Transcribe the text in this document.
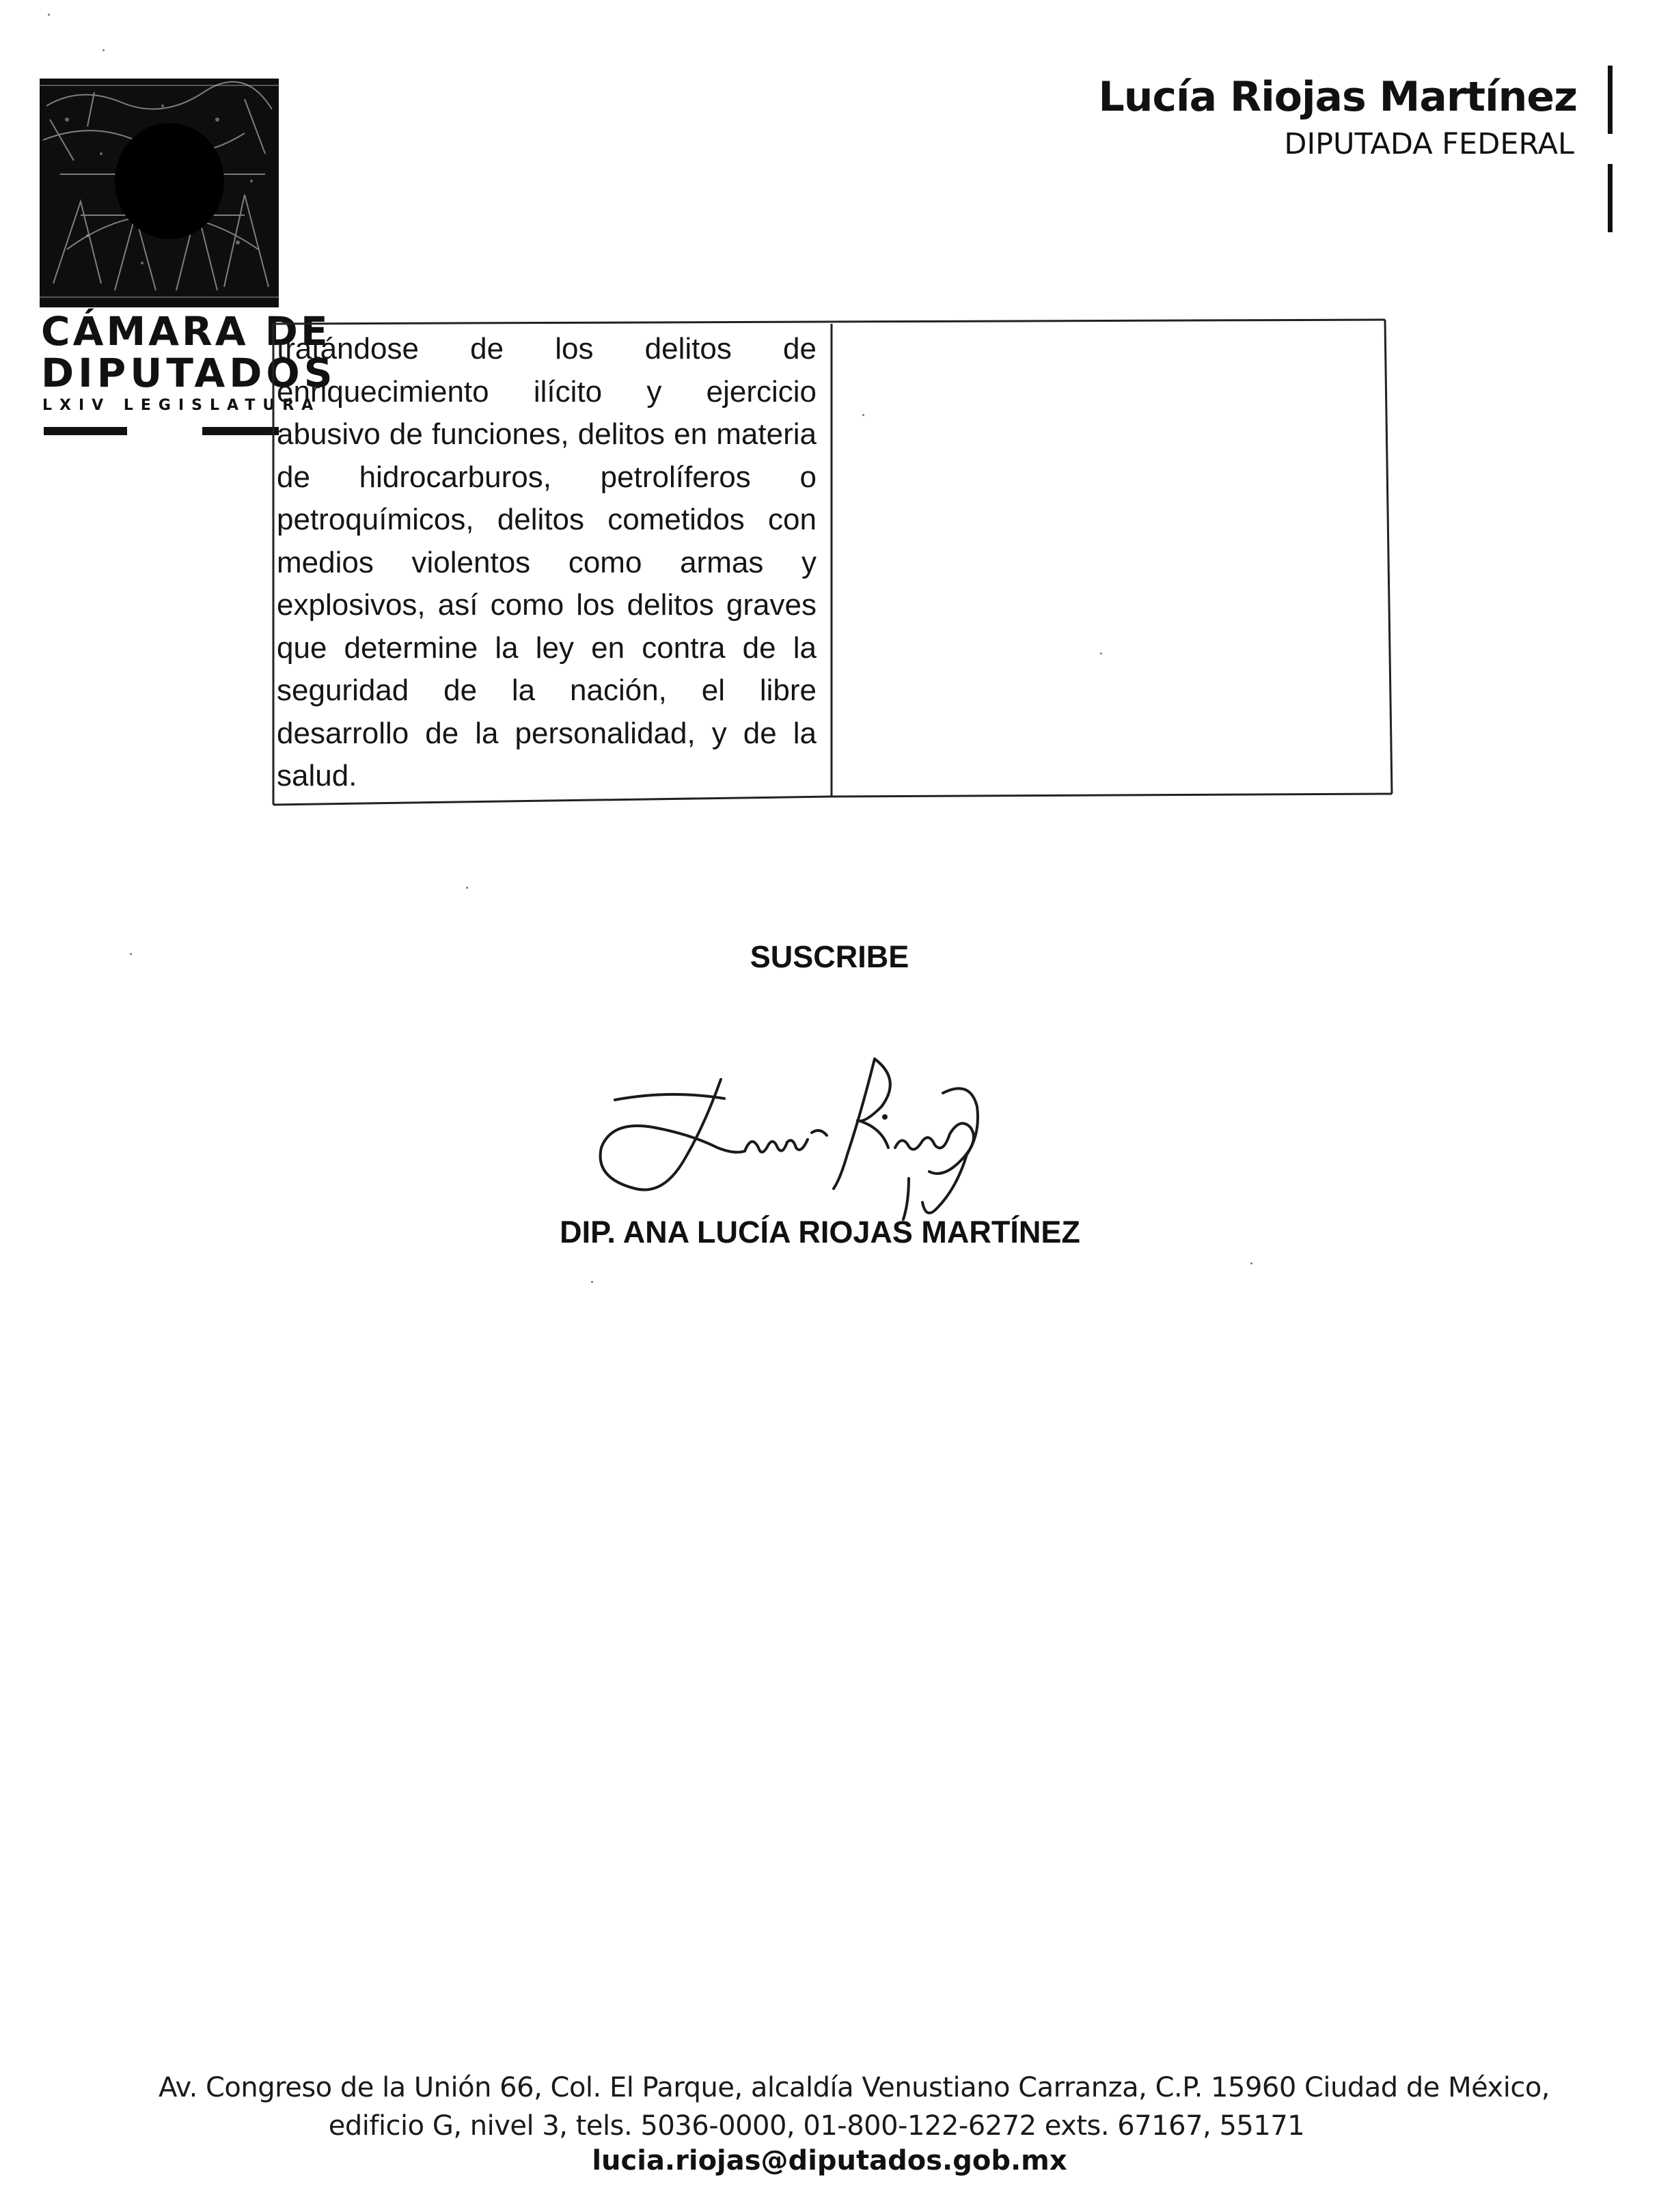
CÁMARA DE
DIPUTADOS
LXIV LEGISLATURA
Lucía Riojas Martínez
DIPUTADA FEDERAL
tratándose de los delitos de enriquecimiento ilícito y ejercicio abusivo de funciones, delitos en materia de hidrocarburos, petrolíferos o petroquímicos, delitos cometidos con medios violentos como armas y explosivos, así como los delitos graves que determine la ley en contra de la seguridad de la nación, el libre desarrollo de la personalidad, y de la salud.
SUSCRIBE
DIP. ANA LUCÍA RIOJAS MARTÍNEZ
Av. Congreso de la Unión 66, Col. El Parque, alcaldía Venustiano Carranza, C.P. 15960 Ciudad de México,
edificio G, nivel 3, tels. 5036-0000, 01-800-122-6272 exts. 67167, 55171
lucia.riojas@diputados.gob.mx
